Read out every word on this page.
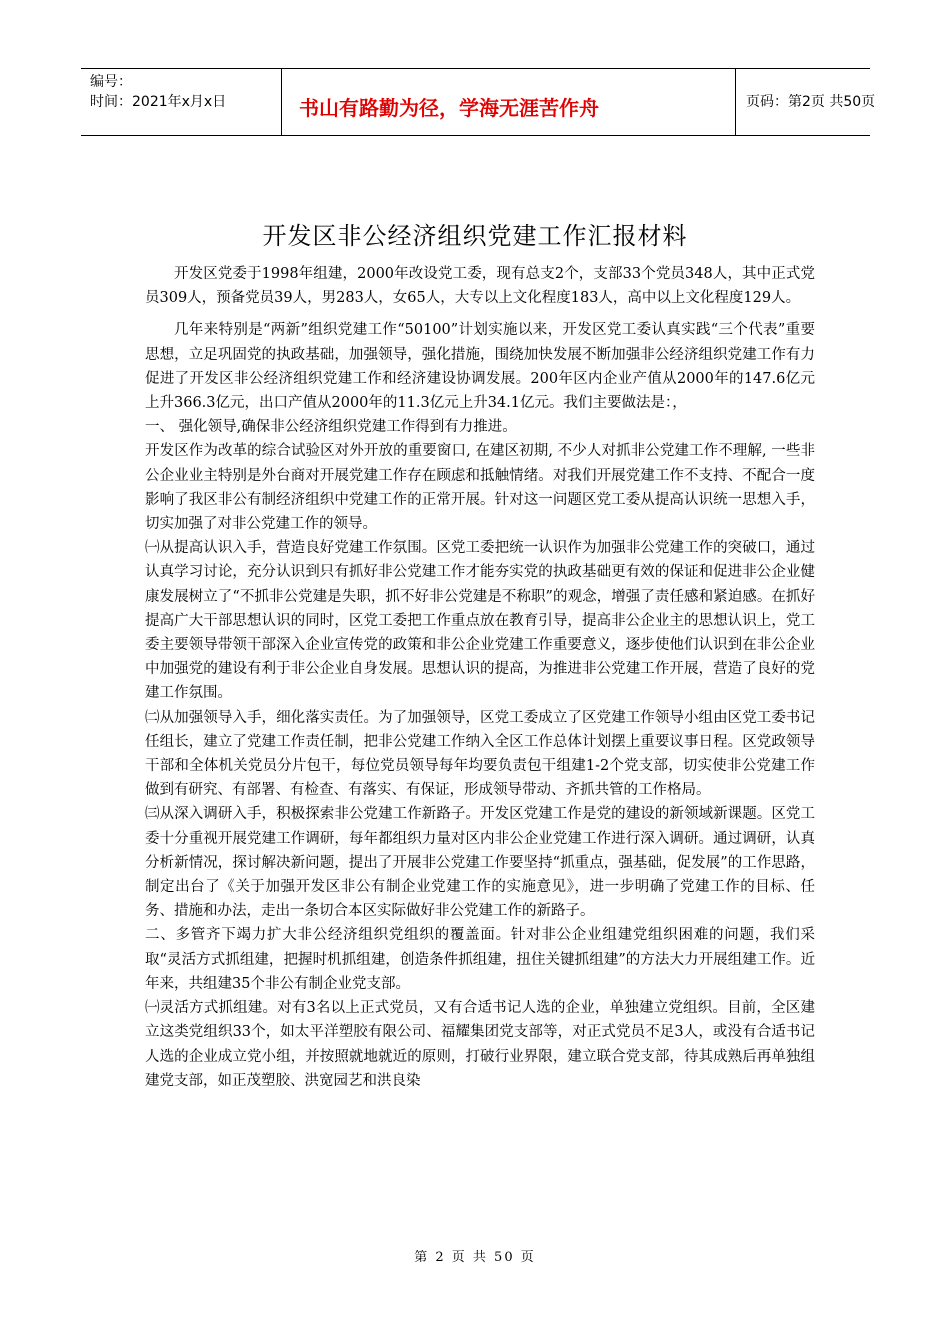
编号：
时间：2021年x月x日	书山有路勤为径，学海无涯苦作舟	页码：第2页 共50页
开发区非公经济组织党建工作汇报材料

开发区党委于1998年组建，2000年改设党工委，现有总支2个，支部33个党员348人，其中正式党员309人，预备党员39人，男283人，女65人，大专以上文化程度183人，高中以上文化程度129人。

几年来特别是“两新”组织党建工作“50100”计划实施以来，开发区党工委认真实践“三个代表”重要思想，立足巩固党的执政基础，加强领导，强化措施，围绕加快发展不断加强非公经济组织党建工作有力促进了开发区非公经济组织党建工作和经济建设协调发展。200年区内企业产值从2000年的147.6亿元上升366.3亿元，出口产值从2000年的11.3亿元上升34.1亿元。我们主要做法是：，

一、 强化领导,确保非公经济组织党建工作得到有力推进。

开发区作为改革的综合试验区对外开放的重要窗口, 在建区初期, 不少人对抓非公党建工作不理解, 一些非公企业业主特别是外台商对开展党建工作存在顾虑和抵触情绪。对我们开展党建工作不支持、不配合一度影响了我区非公有制经济组织中党建工作的正常开展。针对这一问题区党工委从提高认识统一思想入手，切实加强了对非公党建工作的领导。

㈠从提高认识入手，营造良好党建工作氛围。区党工委把统一认识作为加强非公党建工作的突破口，通过认真学习讨论，充分认识到只有抓好非公党建工作才能夯实党的执政基础更有效的保证和促进非公企业健康发展树立了“不抓非公党建是失职，抓不好非公党建是不称职”的观念，增强了责任感和紧迫感。在抓好提高广大干部思想认识的同时，区党工委把工作重点放在教育引导，提高非公企业主的思想认识上，党工委主要领导带领干部深入企业宣传党的政策和非公企业党建工作重要意义，逐步使他们认识到在非公企业中加强党的建设有利于非公企业自身发展。思想认识的提高，为推进非公党建工作开展，营造了良好的党建工作氛围。

㈡从加强领导入手，细化落实责任。为了加强领导，区党工委成立了区党建工作领导小组由区党工委书记任组长，建立了党建工作责任制，把非公党建工作纳入全区工作总体计划摆上重要议事日程。区党政领导干部和全体机关党员分片包干，每位党员领导每年均要负责包干组建1-2个党支部，切实使非公党建工作做到有研究、有部署、有检查、有落实、有保证，形成领导带动、齐抓共管的工作格局。

㈢从深入调研入手，积极探索非公党建工作新路子。开发区党建工作是党的建设的新领域新课题。区党工委十分重视开展党建工作调研，每年都组织力量对区内非公企业党建工作进行深入调研。通过调研，认真分析新情况，探讨解决新问题，提出了开展非公党建工作要坚持“抓重点，强基础，促发展”的工作思路，制定出台了《关于加强开发区非公有制企业党建工作的实施意见》，进一步明确了党建工作的目标、任务、措施和办法，走出一条切合本区实际做好非公党建工作的新路子。

二、多管齐下竭力扩大非公经济组织党组织的覆盖面。针对非公企业组建党组织困难的问题，我们采取“灵活方式抓组建，把握时机抓组建，创造条件抓组建，扭住关键抓组建”的方法大力开展组建工作。近年来，共组建35个非公有制企业党支部。

㈠灵活方式抓组建。对有3名以上正式党员，又有合适书记人选的企业，单独建立党组织。目前，全区建立这类党组织33个，如太平洋塑胶有限公司、福耀集团党支部等，对正式党员不足3人，或没有合适书记人选的企业成立党小组，并按照就地就近的原则，打破行业界限，建立联合党支部，待其成熟后再单独组建党支部，如正茂塑胶、洪宽园艺和洪良染

第 2 页 共 50 页
